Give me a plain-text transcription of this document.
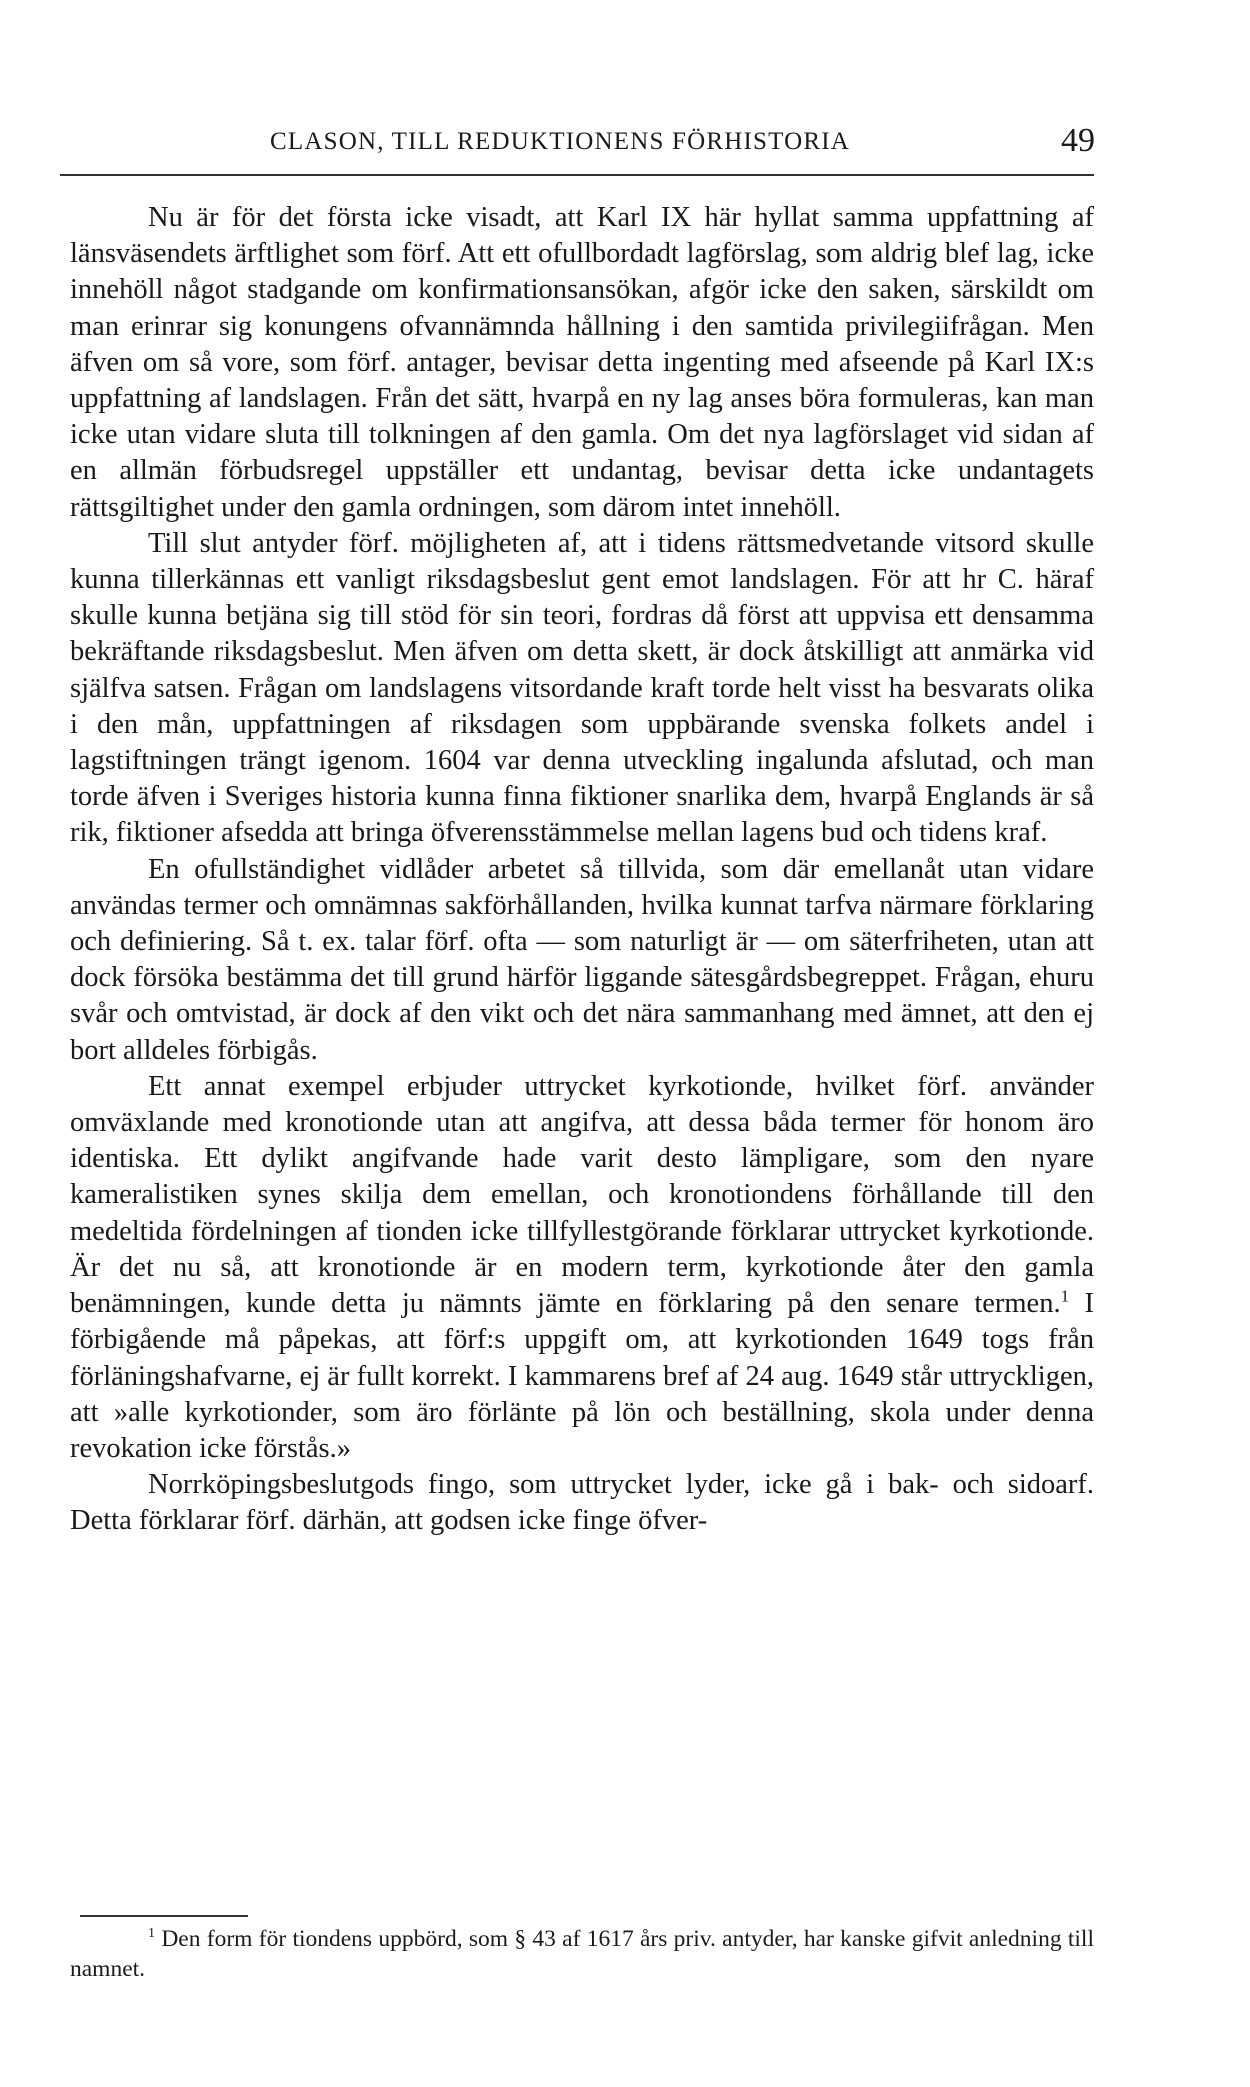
CLASON, TILL REDUKTIONENS FÖRHISTORIA	49

Nu är för det första icke visadt, att Karl IX här hyllat samma uppfattning af länsväsendets ärftlighet som förf. Att ett ofullbordadt lagförslag, som aldrig blef lag, icke innehöll något stadgande om konfirmationsansökan, afgör icke den saken, särskildt om man erinrar sig konungens ofvannämnda hållning i den samtida privilegiifrågan. Men äfven om så vore, som förf. antager, bevisar detta ingenting med afseende på Karl IX:s uppfattning af landslagen. Från det sätt, hvarpå en ny lag anses böra formuleras, kan man icke utan vidare sluta till tolkningen af den gamla. Om det nya lagförslaget vid sidan af en allmän förbudsregel uppställer ett undantag, bevisar detta icke undantagets rättsgiltighet under den gamla ordningen, som därom intet innehöll.

Till slut antyder förf. möjligheten af, att i tidens rättsmedvetande vitsord skulle kunna tillerkännas ett vanligt riksdagsbeslut gent emot landslagen. För att hr C. häraf skulle kunna betjäna sig till stöd för sin teori, fordras då först att uppvisa ett densamma bekräftande riksdagsbeslut. Men äfven om detta skett, är dock åtskilligt att anmärka vid själfva satsen. Frågan om landslagens vitsordande kraft torde helt visst ha besvarats olika i den mån, uppfattningen af riksdagen som uppbärande svenska folkets andel i lagstiftningen trängt igenom. 1604 var denna utveckling ingalunda afslutad, och man torde äfven i Sveriges historia kunna finna fiktioner snarlika dem, hvarpå Englands är så rik, fiktioner afsedda att bringa öfverensstämmelse mellan lagens bud och tidens kraf.

En ofullständighet vidlåder arbetet så tillvida, som där emellanåt utan vidare användas termer och omnämnas sakförhållanden, hvilka kunnat tarfva närmare förklaring och definiering. Så t. ex. talar förf. ofta — som naturligt är — om säterfriheten, utan att dock försöka bestämma det till grund härför liggande sätesgårdsbegreppet. Frågan, ehuru svår och omtvistad, är dock af den vikt och det nära sammanhang med ämnet, att den ej bort alldeles förbigås.

Ett annat exempel erbjuder uttrycket kyrkotionde, hvilket förf. använder omväxlande med kronotionde utan att angifva, att dessa båda termer för honom äro identiska. Ett dylikt angifvande hade varit desto lämpligare, som den nyare kameralistiken synes skilja dem emellan, och kronotiondens förhållande till den medeltida fördelningen af tionden icke tillfyllestgörande förklarar uttrycket kyrkotionde. Är det nu så, att kronotionde är en modern term, kyrkotionde åter den gamla benämningen, kunde detta ju nämnts jämte en förklaring på den senare termen.$^1$ I förbigående må påpekas, att förf:s uppgift om, att kyrkotionden 1649 togs från förläningshafvarne, ej är fullt korrekt. I kammarens bref af 24 aug. 1649 står uttryckligen, att »alle kyrkotionder, som äro förlänte på lön och beställning, skola under denna revokation icke förstås.»

Norrköpingsbeslutgods fingo, som uttrycket lyder, icke gå i bak- och sidoarf. Detta förklarar förf. därhän, att godsen icke finge öfver-

$^1$ Den form för tiondens uppbörd, som § 43 af 1617 års priv. antyder, har kanske gifvit anledning till namnet.
